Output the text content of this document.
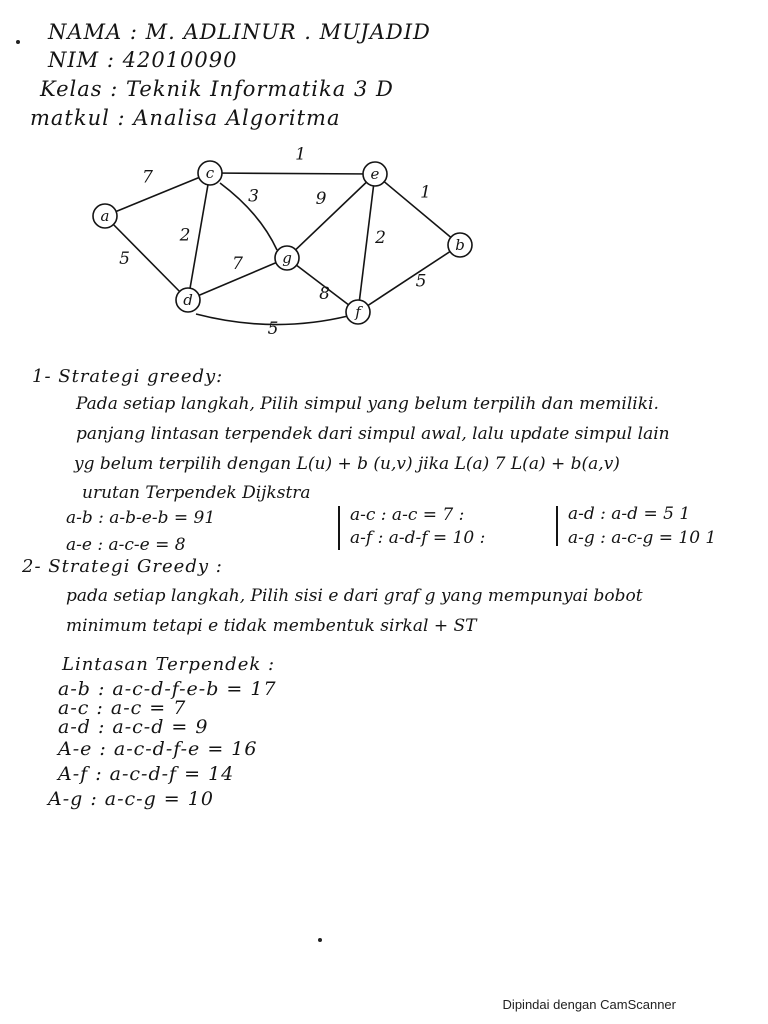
NAMA : M. ADLINUR . MUJADID
NIM : 42010090
Kelas : Teknik Informatika 3 D
matkul : Analisa Algoritma
a
c
d
g
e
f
b
7
5
1
3
2
7
5
9
8
2
1
5
1- Strategi greedy:
Pada setiap langkah, Pilih simpul yang belum terpilih dan memiliki.
panjang lintasan terpendek dari simpul awal, lalu update simpul lain
yg belum terpilih dengan L(u) + b (u,v) jika L(a) 7 L(a) + b(a,v)
urutan Terpendek Dijkstra
a-b : a-b-e-b = 91
a-e : a-c-e = 8
a-c : a-c = 7 :
a-f : a-d-f = 10 :
a-d : a-d = 5 1
a-g : a-c-g = 10 1
2- Strategi Greedy :
pada setiap langkah, Pilih sisi e dari graf g yang mempunyai bobot
minimum tetapi e tidak membentuk sirkal + ST
Lintasan Terpendek :
a-b : a-c-d-f-e-b = 17
a-c : a-c = 7
a-d : a-c-d = 9
A-e : a-c-d-f-e = 16
A-f : a-c-d-f = 14
A-g : a-c-g = 10
Dipindai dengan CamScanner
